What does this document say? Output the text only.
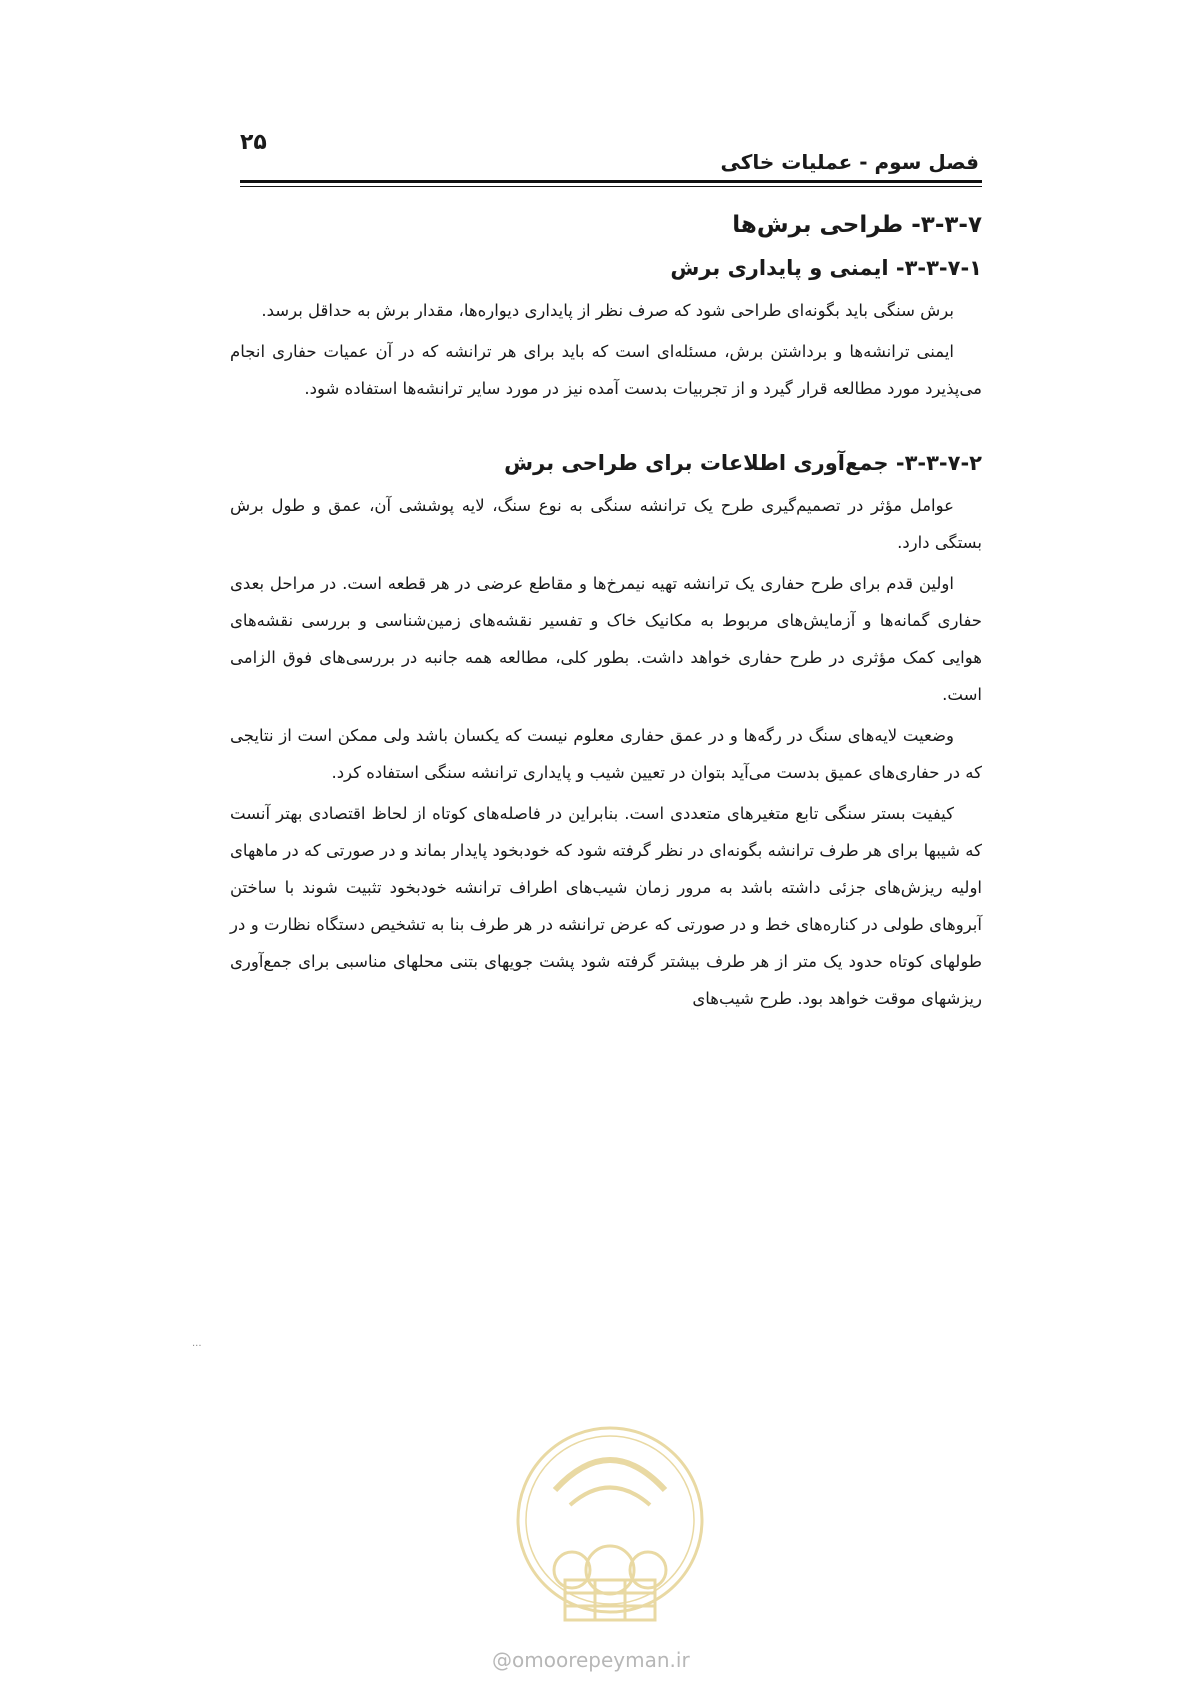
۲۵
فصل سوم - عملیات خاکی
۳-۳-۷- طراحی برش‌ها
۳-۳-۷-۱- ایمنی و پایداری برش

برش سنگی باید بگونه‌ای طراحی شود که صرف نظر از پایداری دیواره‌ها، مقدار برش به حداقل برسد.

ایمنی ترانشه‌ها و برداشتن برش، مسئله‌ای است که باید برای هر ترانشه که در آن عمیات حفاری انجام می‌پذیرد مورد مطالعه قرار گیرد و از تجربیات بدست آمده نیز در مورد سایر ترانشه‌ها استفاده شود.

۳-۳-۷-۲- جمع‌آوری اطلاعات برای طراحی برش

عوامل مؤثر در تصمیم‌گیری طرح یک ترانشه سنگی به نوع سنگ، لایه پوششی آن، عمق و طول برش بستگی دارد.

اولین قدم برای طرح حفاری یک ترانشه تهیه نیمرخ‌ها و مقاطع عرضی در هر قطعه است. در مراحل بعدی حفاری گمانه‌ها و آزمایش‌های مربوط به مکانیک خاک و تفسیر نقشه‌های زمین‌شناسی و بررسی نقشه‌های هوایی کمک مؤثری در طرح حفاری خواهد داشت. بطور کلی، مطالعه همه جانبه در بررسی‌های فوق الزامی است.

وضعیت لایه‌های سنگ در رگه‌ها و در عمق حفاری معلوم نیست که یکسان باشد ولی ممکن است از نتایجی که در حفاری‌های عمیق بدست می‌آید بتوان در تعیین شیب و پایداری ترانشه سنگی استفاده کرد.

کیفیت بستر سنگی تابع متغیرهای متعددی است. بنابراین در فاصله‌های کوتاه از لحاظ اقتصادی بهتر آنست که شیبها برای هر طرف ترانشه بگونه‌ای در نظر گرفته شود که خودبخود پایدار بماند و در صورتی که در ماههای اولیه ریزش‌های جزئی داشته باشد به مرور زمان شیب‌های اطراف ترانشه خودبخود تثبیت شوند با ساختن آبروهای طولی در کناره‌های خط و در صورتی که عرض ترانشه در هر طرف بنا به تشخیص دستگاه نظارت و در طولهای کوتاه حدود یک متر از هر طرف بیشتر گرفته شود پشت جویهای بتنی محلهای مناسبی برای جمع‌آوری ریزشهای موقت خواهد بود. طرح شیب‌های

...
@omoorepeyman.ir
